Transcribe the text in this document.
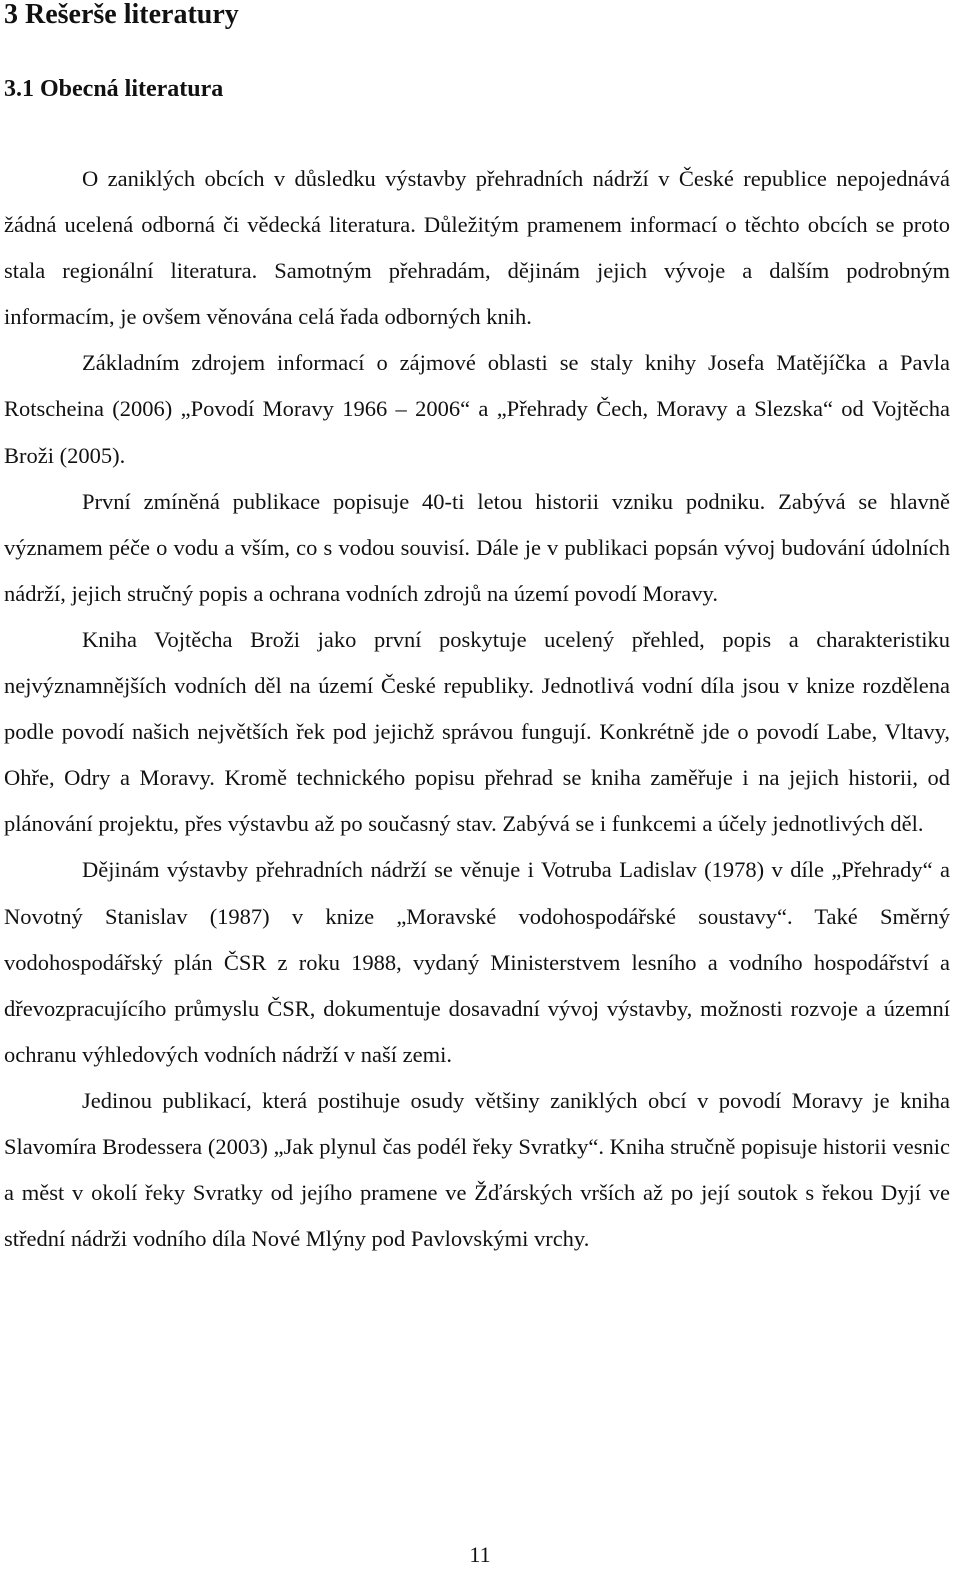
3 Rešerše literatury
3.1 Obecná literatura

O zaniklých obcích v důsledku výstavby přehradních nádrží v České republice nepojednává žádná ucelená odborná či vědecká literatura. Důležitým pramenem informací o těchto obcích se proto stala regionální literatura. Samotným přehradám, dějinám jejich vývoje a dalším podrobným informacím, je ovšem věnována celá řada odborných knih.

Základním zdrojem informací o zájmové oblasti se staly knihy Josefa Matějíčka a Pavla Rotscheina (2006) „Povodí Moravy 1966 – 2006“ a „Přehrady Čech, Moravy a Slezska“ od Vojtěcha Broži (2005).

První zmíněná publikace popisuje 40-ti letou historii vzniku podniku. Zabývá se hlavně významem péče o vodu a vším, co s vodou souvisí. Dále je v publikaci popsán vývoj budování údolních nádrží, jejich stručný popis a ochrana vodních zdrojů na území povodí Moravy.

Kniha Vojtěcha Broži jako první poskytuje ucelený přehled, popis a charakteristiku nejvýznamnějších vodních děl na území České republiky. Jednotlivá vodní díla jsou v knize rozdělena podle povodí našich největších řek pod jejichž správou fungují. Konkrétně jde o povodí Labe, Vltavy, Ohře, Odry a Moravy. Kromě technického popisu přehrad se kniha zaměřuje i na jejich historii, od plánování projektu, přes výstavbu až po současný stav. Zabývá se i funkcemi a účely jednotlivých děl.

Dějinám výstavby přehradních nádrží se věnuje i Votruba Ladislav (1978) v díle „Přehrady“ a Novotný Stanislav (1987) v knize „Moravské vodohospodářské soustavy“. Také Směrný vodohospodářský plán ČSR z roku 1988, vydaný Ministerstvem lesního a vodního hospodářství a dřevozpracujícího průmyslu ČSR, dokumentuje dosavadní vývoj výstavby, možnosti rozvoje a územní ochranu výhledových vodních nádrží v naší zemi.

Jedinou publikací, která postihuje osudy většiny zaniklých obcí v povodí Moravy je kniha Slavomíra Brodessera (2003) „Jak plynul čas podél řeky Svratky“. Kniha stručně popisuje historii vesnic a měst v okolí řeky Svratky od jejího pramene ve Žďárských vrších až po její soutok s řekou Dyjí ve střední nádrži vodního díla Nové Mlýny pod Pavlovskými vrchy.

11
